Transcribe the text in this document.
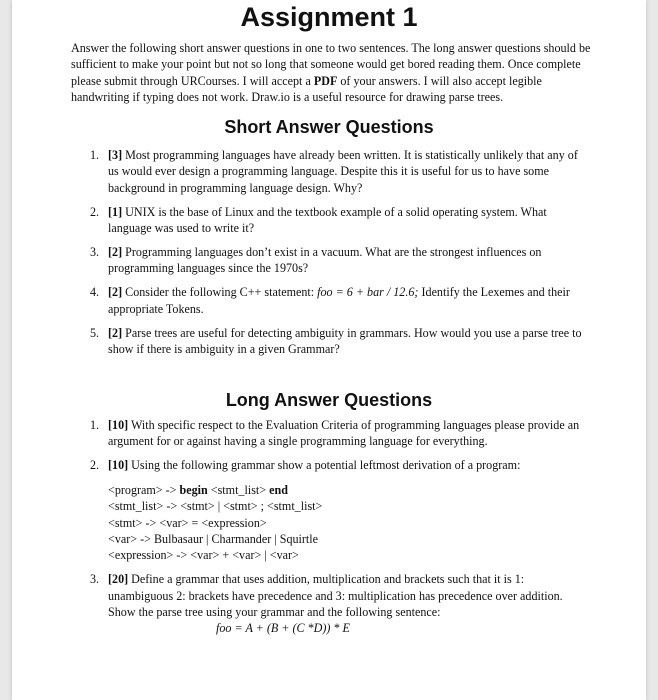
Assignment 1

Answer the following short answer questions in one to two sentences. The long answer questions should be sufficient to make your point but not so long that someone would get bored reading them. Once complete please submit through URCourses. I will accept a PDF of your answers. I will also accept legible handwriting if typing does not work. Draw.io is a useful resource for drawing parse trees.

Short Answer Questions
1. [3] Most programming languages have already been written. It is statistically unlikely that any of us would ever design a programming language. Despite this it is useful for us to have some background in programming language design. Why?
2. [1] UNIX is the base of Linux and the textbook example of a solid operating system. What language was used to write it?
3. [2] Programming languages don’t exist in a vacuum. What are the strongest influences on programming languages since the 1970s?
4. [2] Consider the following C++ statement: foo = 6 + bar / 12.6; Identify the Lexemes and their appropriate Tokens.
5. [2] Parse trees are useful for detecting ambiguity in grammars. How would you use a parse tree to show if there is ambiguity in a given Grammar?
Long Answer Questions
1. [10] With specific respect to the Evaluation Criteria of programming languages please provide an argument for or against having a single programming language for everything.
2. [10] Using the following grammar show a potential leftmost derivation of a program:
<program> -> begin <stmt_list> end
<stmt_list> -> <stmt> | <stmt> ; <stmt_list>
<stmt> -> <var> = <expression>
<var> -> Bulbasaur | Charmander | Squirtle
<expression> -> <var> + <var> | <var>
3. [20] Define a grammar that uses addition, multiplication and brackets such that it is 1: unambiguous 2: brackets have precedence and 3: multiplication has precedence over addition. Show the parse tree using your grammar and the following sentence:
foo = A + (B + (C *D)) * E
